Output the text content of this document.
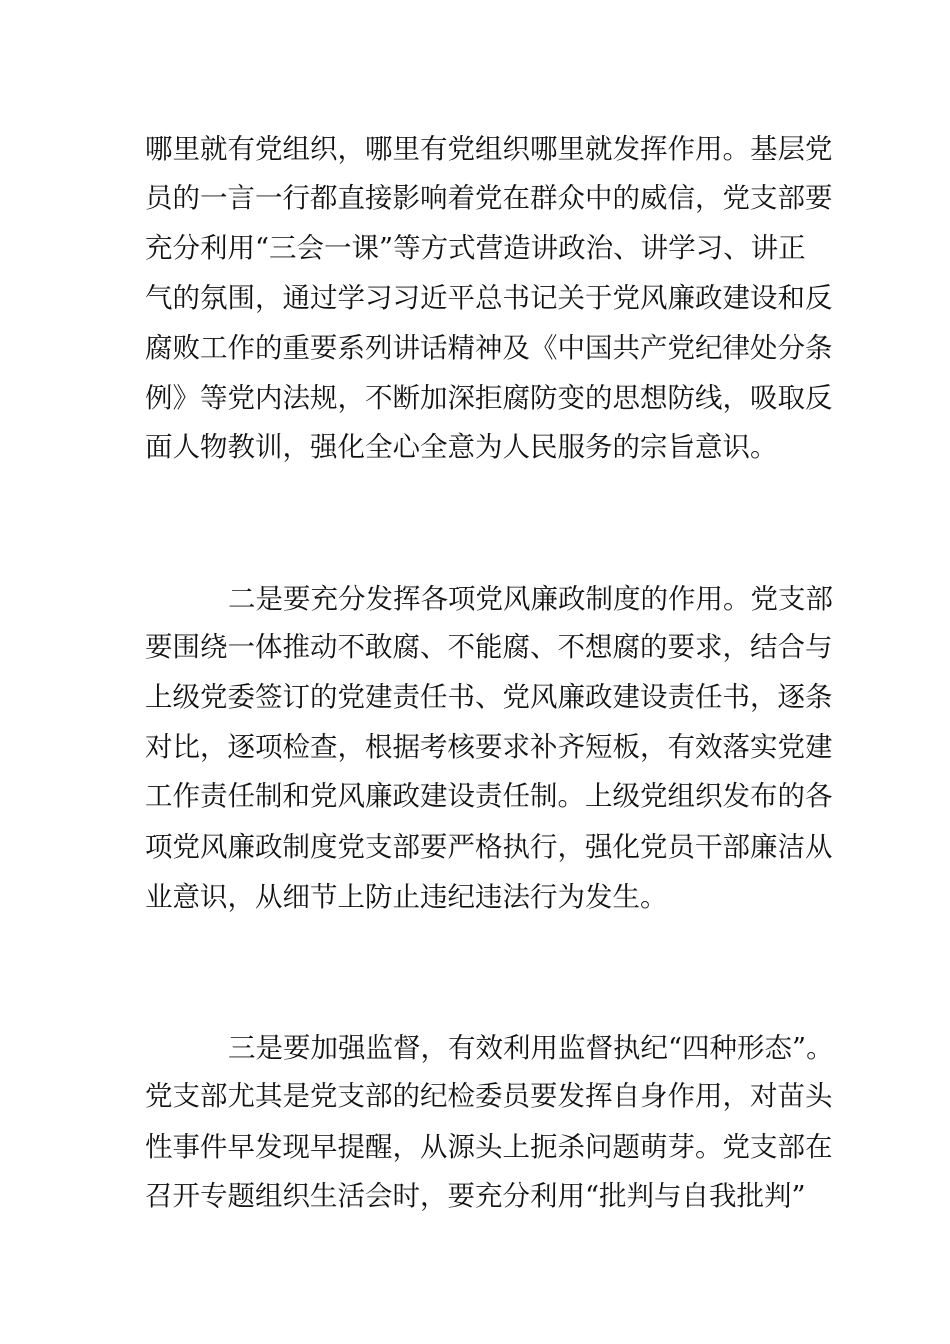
哪里就有党组织，哪里有党组织哪里就发挥作用。基层党

员的一言一行都直接影响着党在群众中的威信，党支部要

充分利用“三会一课”等方式营造讲政治、讲学习、讲正

气的氛围，通过学习习近平总书记关于党风廉政建设和反

腐败工作的重要系列讲话精神及《中国共产党纪律处分条

例》等党内法规，不断加深拒腐防变的思想防线，吸取反

面人物教训，强化全心全意为人民服务的宗旨意识。

二是要充分发挥各项党风廉政制度的作用。党支部

要围绕一体推动不敢腐、不能腐、不想腐的要求，结合与

上级党委签订的党建责任书、党风廉政建设责任书，逐条

对比，逐项检查，根据考核要求补齐短板，有效落实党建

工作责任制和党风廉政建设责任制。上级党组织发布的各

项党风廉政制度党支部要严格执行，强化党员干部廉洁从

业意识，从细节上防止违纪违法行为发生。

三是要加强监督，有效利用监督执纪“四种形态”。

党支部尤其是党支部的纪检委员要发挥自身作用，对苗头

性事件早发现早提醒，从源头上扼杀问题萌芽。党支部在

召开专题组织生活会时，要充分利用“批判与自我批判”
